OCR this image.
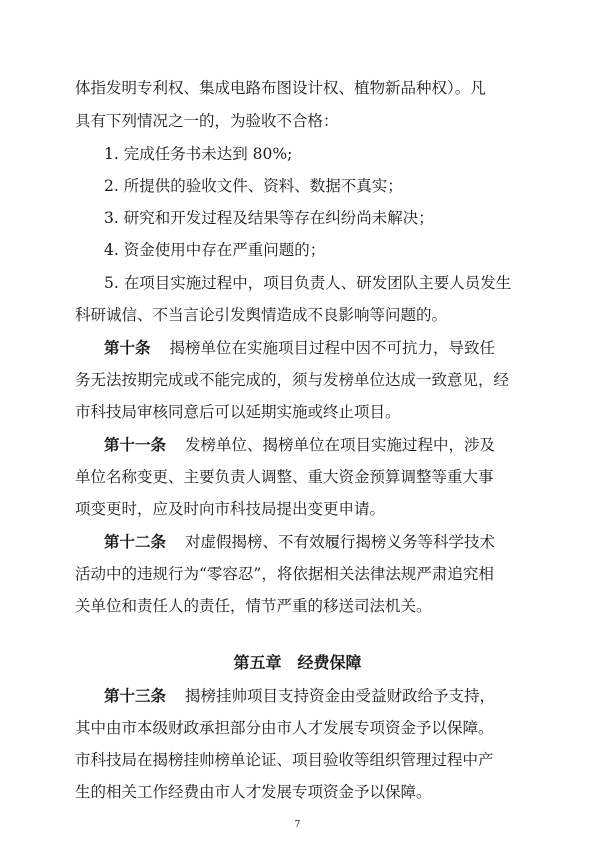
体指发明专利权、集成电路布图设计权、植物新品种权）。凡
具有下列情况之一的，为验收不合格：
1. 完成任务书未达到 80%;
2. 所提供的验收文件、资料、数据不真实；
3. 研究和开发过程及结果等存在纠纷尚未解决；
4. 资金使用中存在严重问题的；
5. 在项目实施过程中，项目负责人、研发团队主要人员发生
科研诚信、不当言论引发舆情造成不良影响等问题的。
第十条 揭榜单位在实施项目过程中因不可抗力，导致任
务无法按期完成或不能完成的，须与发榜单位达成一致意见，经
市科技局审核同意后可以延期实施或终止项目。
第十一条 发榜单位、揭榜单位在项目实施过程中，涉及
单位名称变更、主要负责人调整、重大资金预算调整等重大事
项变更时，应及时向市科技局提出变更申请。
第十二条 对虚假揭榜、不有效履行揭榜义务等科学技术
活动中的违规行为“零容忍”，将依据相关法律法规严肃追究相
关单位和责任人的责任，情节严重的移送司法机关。
第五章　经费保障
第十三条 揭榜挂帅项目支持资金由受益财政给予支持，
其中由市本级财政承担部分由市人才发展专项资金予以保障。
市科技局在揭榜挂帅榜单论证、项目验收等组织管理过程中产
生的相关工作经费由市人才发展专项资金予以保障。
7
